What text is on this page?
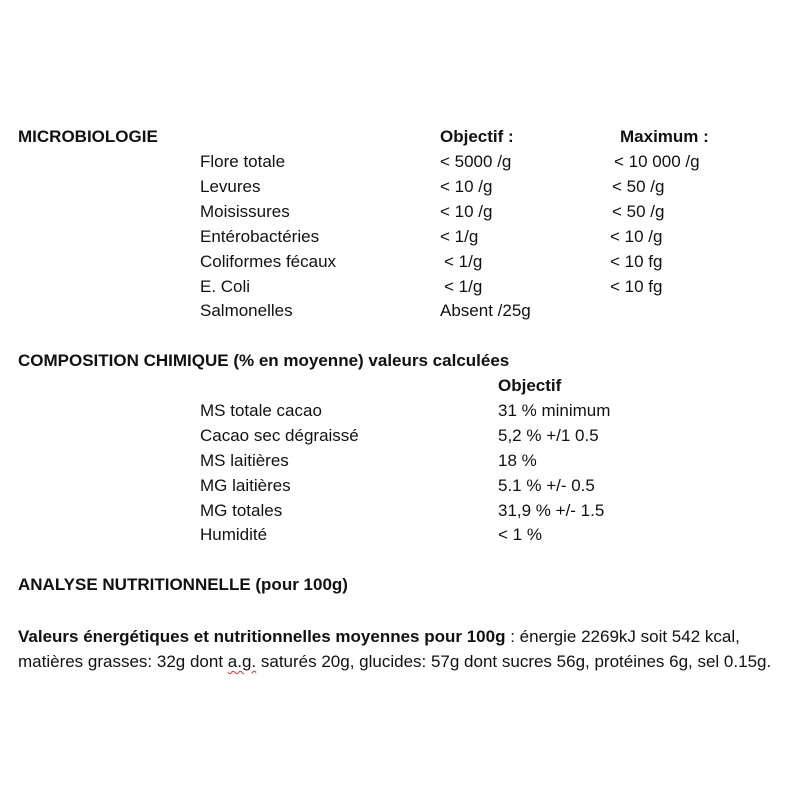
MICROBIOLOGIE	Objectif :	Maximum :
Flore totale	< 5000 /g	< 10 000 /g
Levures	< 10 /g	< 50 /g
Moisissures	< 10 /g	< 50 /g
Entérobactéries	< 1/g	< 10 /g
Coliformes fécaux	< 1/g	< 10 fg
E. Coli	< 1/g	< 10 fg
Salmonelles	Absent /25g
COMPOSITION CHIMIQUE (% en moyenne) valeurs calculées
Objectif
MS totale cacao	31 % minimum
Cacao sec dégraissé	5,2 % +/1 0.5
MS laitières	18 %
MG laitières	5.1 % +/- 0.5
MG totales	31,9 % +/- 1.5
Humidité	< 1 %
ANALYSE NUTRITIONNELLE (pour 100g)
Valeurs énergétiques et nutritionnelles moyennes pour 100g : énergie 2269kJ soit 542 kcal, matières grasses: 32g dont a.g. saturés 20g, glucides: 57g dont sucres 56g, protéines 6g, sel 0.15g.
